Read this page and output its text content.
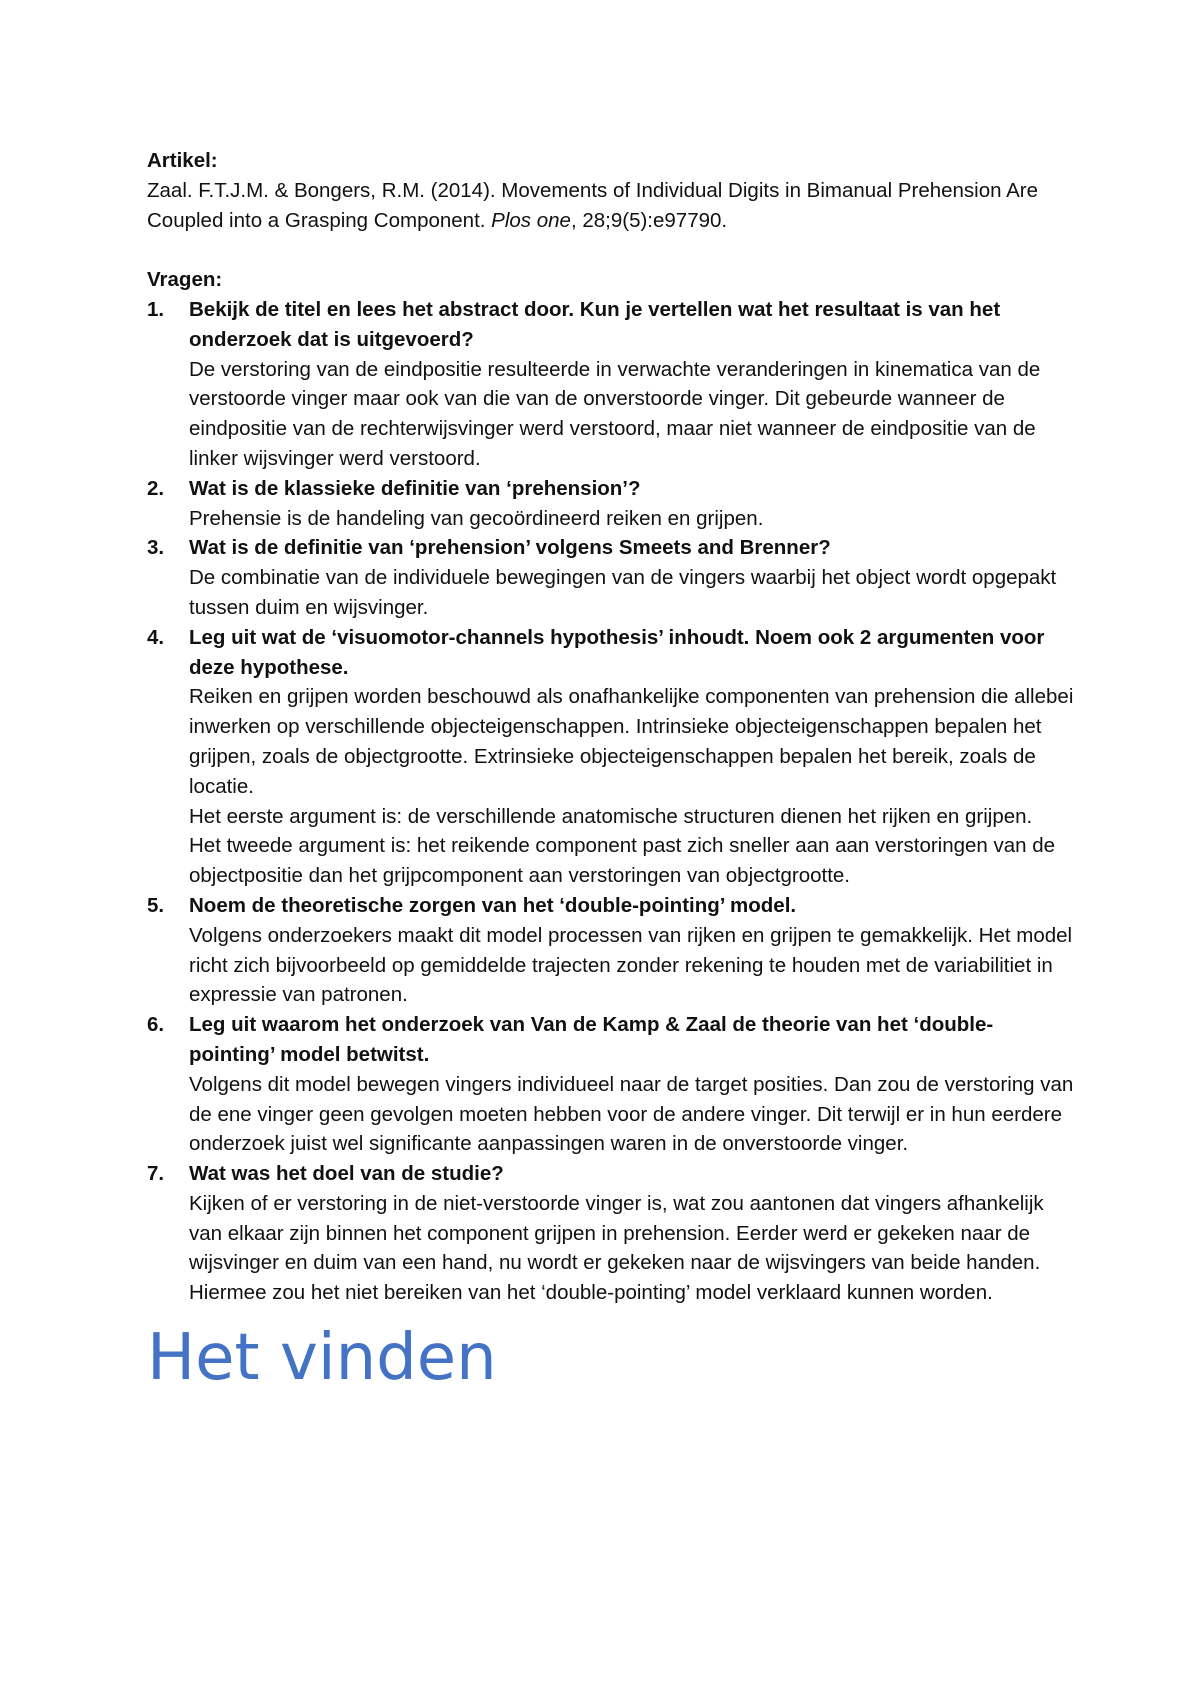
Artikel:
Zaal. F.T.J.M. & Bongers, R.M. (2014). Movements of Individual Digits in Bimanual Prehension Are Coupled into a Grasping Component. Plos one, 28;9(5):e97790.
Vragen:
1.	Bekijk de titel en lees het abstract door. Kun je vertellen wat het resultaat is van het onderzoek dat is uitgevoerd?

De verstoring van de eindpositie resulteerde in verwachte veranderingen in kinematica van de verstoorde vinger maar ook van die van de onverstoorde vinger. Dit gebeurde wanneer de eindpositie van de rechterwijsvinger werd verstoord, maar niet wanneer de eindpositie van de linker wijsvinger werd verstoord.

2.	Wat is de klassieke definitie van ‘prehension’?

Prehensie is de handeling van gecoördineerd reiken en grijpen.

3.	Wat is de definitie van ‘prehension’ volgens Smeets and Brenner?

De combinatie van de individuele bewegingen van de vingers waarbij het object wordt opgepakt tussen duim en wijsvinger.

4.	Leg uit wat de ‘visuomotor-channels hypothesis’ inhoudt. Noem ook 2 argumenten voor deze hypothese.

Reiken en grijpen worden beschouwd als onafhankelijke componenten van prehension die allebei inwerken op verschillende objecteigenschappen. Intrinsieke objecteigenschappen bepalen het grijpen, zoals de objectgrootte. Extrinsieke objecteigenschappen bepalen het bereik, zoals de locatie.

Het eerste argument is: de verschillende anatomische structuren dienen het rijken en grijpen.

Het tweede argument is: het reikende component past zich sneller aan aan verstoringen van de objectpositie dan het grijpcomponent aan verstoringen van objectgrootte.

5.	Noem de theoretische zorgen van het ‘double-pointing’ model.

Volgens onderzoekers maakt dit model processen van rijken en grijpen te gemakkelijk. Het model richt zich bijvoorbeeld op gemiddelde trajecten zonder rekening te houden met de variabilitiet in expressie van patronen.

6.	Leg uit waarom het onderzoek van Van de Kamp & Zaal de theorie van het ‘double-pointing’ model betwitst.

Volgens dit model bewegen vingers individueel naar de target posities. Dan zou de verstoring van de ene vinger geen gevolgen moeten hebben voor de andere vinger. Dit terwijl er in hun eerdere onderzoek juist wel significante aanpassingen waren in de onverstoorde vinger.

7.	Wat was het doel van de studie?

Kijken of er verstoring in de niet-verstoorde vinger is, wat zou aantonen dat vingers afhankelijk van elkaar zijn binnen het component grijpen in prehension. Eerder werd er gekeken naar de wijsvinger en duim van een hand, nu wordt er gekeken naar de wijsvingers van beide handen. Hiermee zou het niet bereiken van het ‘double-pointing’ model verklaard kunnen worden.

Het vinden
